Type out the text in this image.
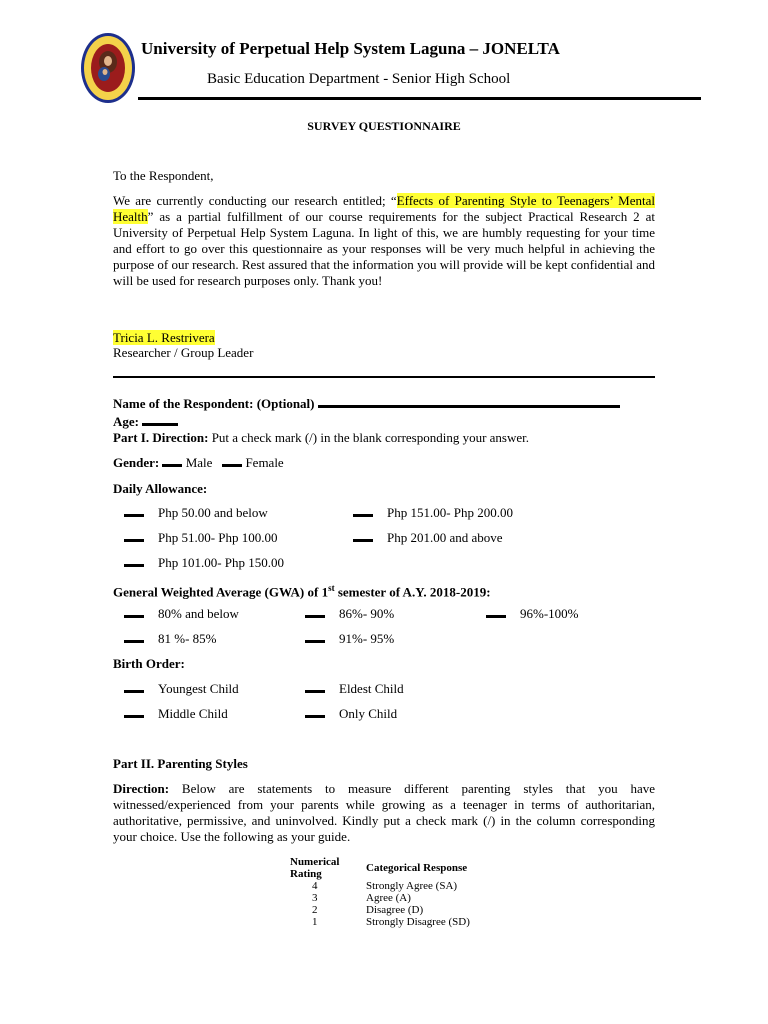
University of Perpetual Help System Laguna – JONELTA
Basic Education Department - Senior High School
SURVEY QUESTIONNAIRE
To the Respondent,
We are currently conducting our research entitled; “Effects of Parenting Style to Teenagers’ Mental Health” as a partial fulfillment of our course requirements for the subject Practical Research 2 at University of Perpetual Help System Laguna. In light of this, we are humbly requesting for your time and effort to go over this questionnaire as your responses will be very much helpful in achieving the purpose of our research. Rest assured that the information you will provide will be kept confidential and will be used for research purposes only. Thank you!
Tricia L. Restrivera
Researcher / Group Leader
Name of the Respondent: (Optional)
Age:
Part I. Direction: Put a check mark (/) in the blank corresponding your answer.
Gender: Male	Female
Daily Allowance:
Php 50.00 and below
Php 51.00- Php 100.00
Php 101.00- Php 150.00
Php 151.00- Php 200.00
Php 201.00 and above
General Weighted Average (GWA) of 1st semester of A.Y. 2018-2019:
80% and below
81 %- 85%
86%- 90%
91%- 95%
96%-100%
Birth Order:
Youngest Child
Middle Child
Eldest Child
Only Child
Part II. Parenting Styles
Direction: Below are statements to measure different parenting styles that you have witnessed/experienced from your parents while growing as a teenager in terms of authoritarian, authoritative, permissive, and uninvolved. Kindly put a check mark (/) in the column corresponding your choice. Use the following as your guide.
Numerical Rating	Categorical Response
4	Strongly Agree (SA)
3	Agree (A)
2	Disagree (D)
1	Strongly Disagree (SD)
